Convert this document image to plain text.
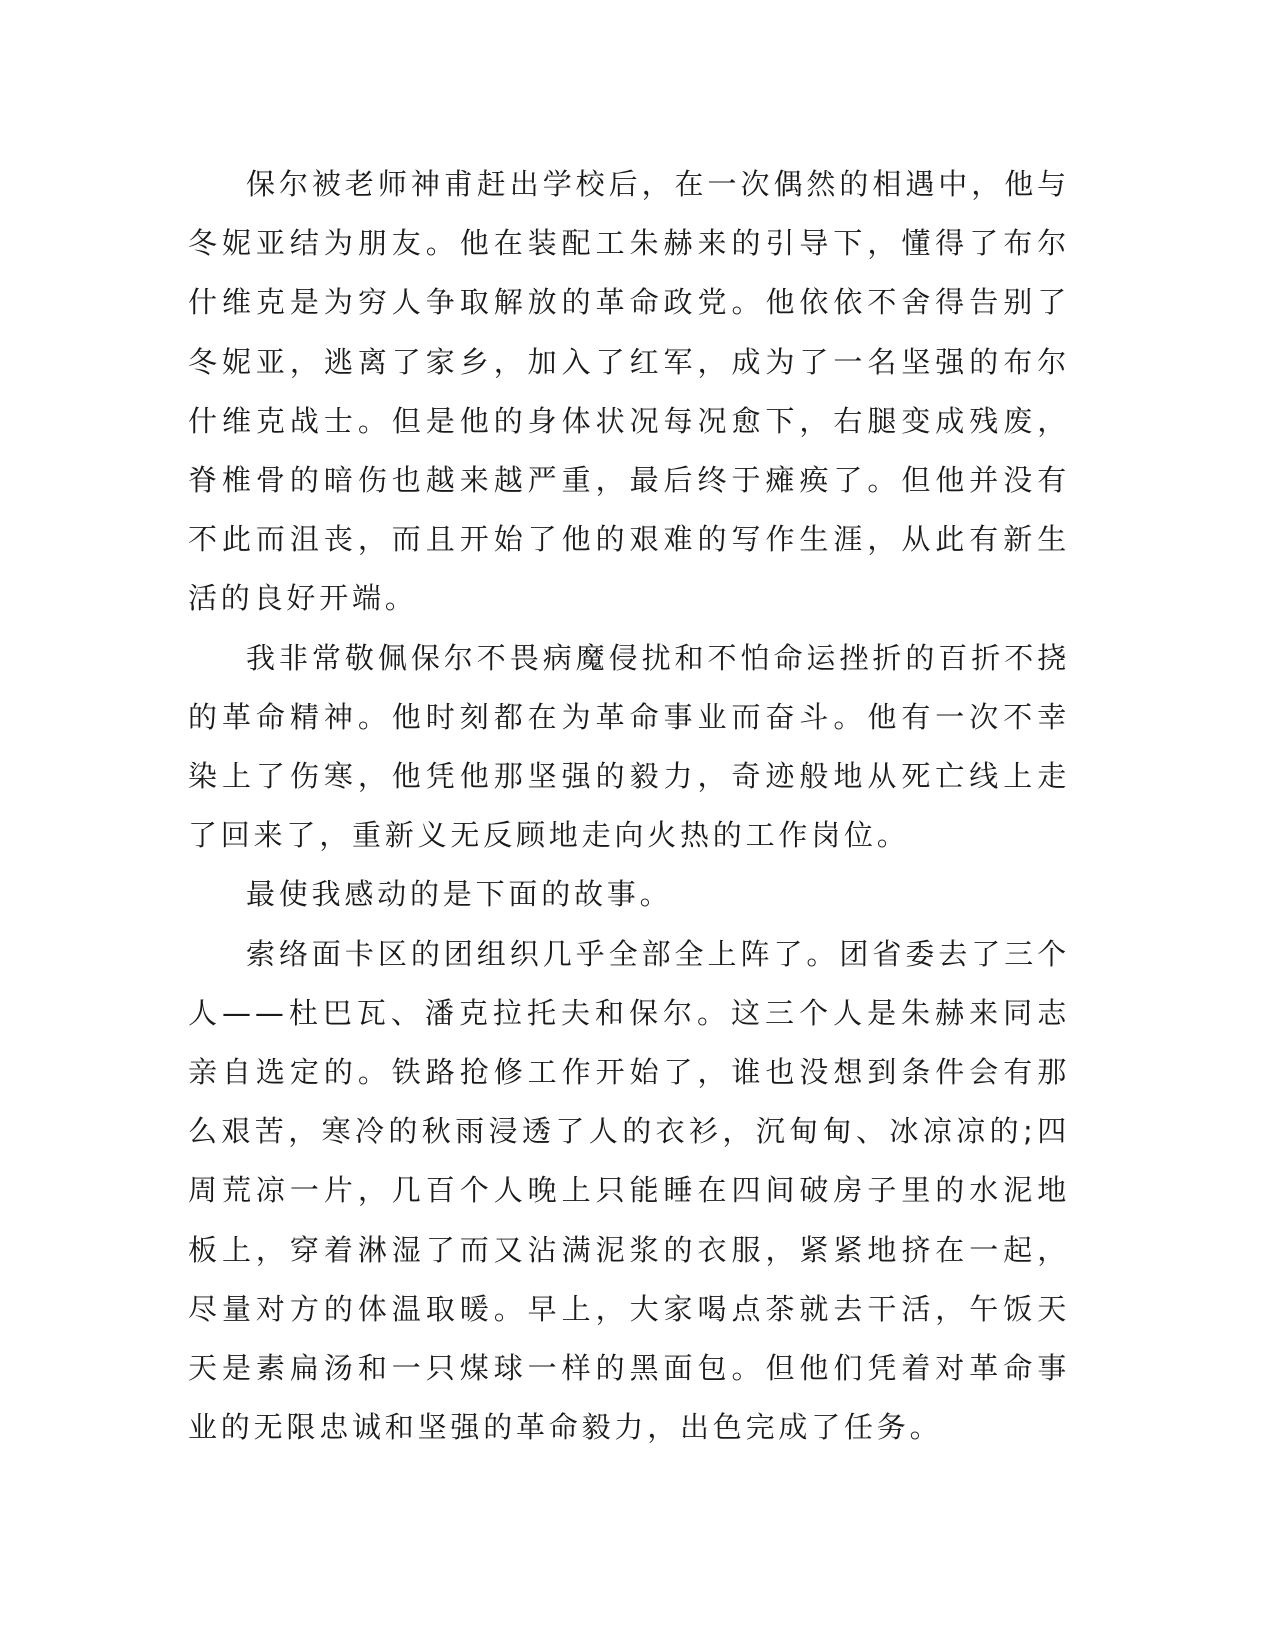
保尔被老师神甫赶出学校后，在一次偶然的相遇中，他与冬妮亚结为朋友。他在装配工朱赫来的引导下，懂得了布尔什维克是为穷人争取解放的革命政党。他依依不舍得告别了冬妮亚，逃离了家乡，加入了红军，成为了一名坚强的布尔什维克战士。但是他的身体状况每况愈下，右腿变成残废，脊椎骨的暗伤也越来越严重，最后终于瘫痪了。但他并没有不此而沮丧，而且开始了他的艰难的写作生涯，从此有新生活的良好开端。

我非常敬佩保尔不畏病魔侵扰和不怕命运挫折的百折不挠的革命精神。他时刻都在为革命事业而奋斗。他有一次不幸染上了伤寒，他凭他那坚强的毅力，奇迹般地从死亡线上走了回来了，重新义无反顾地走向火热的工作岗位。

最使我感动的是下面的故事。

索络面卡区的团组织几乎全部全上阵了。团省委去了三个人——杜巴瓦、潘克拉托夫和保尔。这三个人是朱赫来同志亲自选定的。铁路抢修工作开始了，谁也没想到条件会有那么艰苦，寒冷的秋雨浸透了人的衣衫，沉甸甸、冰凉凉的;四周荒凉一片，几百个人晚上只能睡在四间破房子里的水泥地板上，穿着淋湿了而又沾满泥浆的衣服，紧紧地挤在一起，尽量对方的体温取暖。早上，大家喝点茶就去干活，午饭天天是素扁汤和一只煤球一样的黑面包。但他们凭着对革命事业的无限忠诚和坚强的革命毅力，出色完成了任务。
